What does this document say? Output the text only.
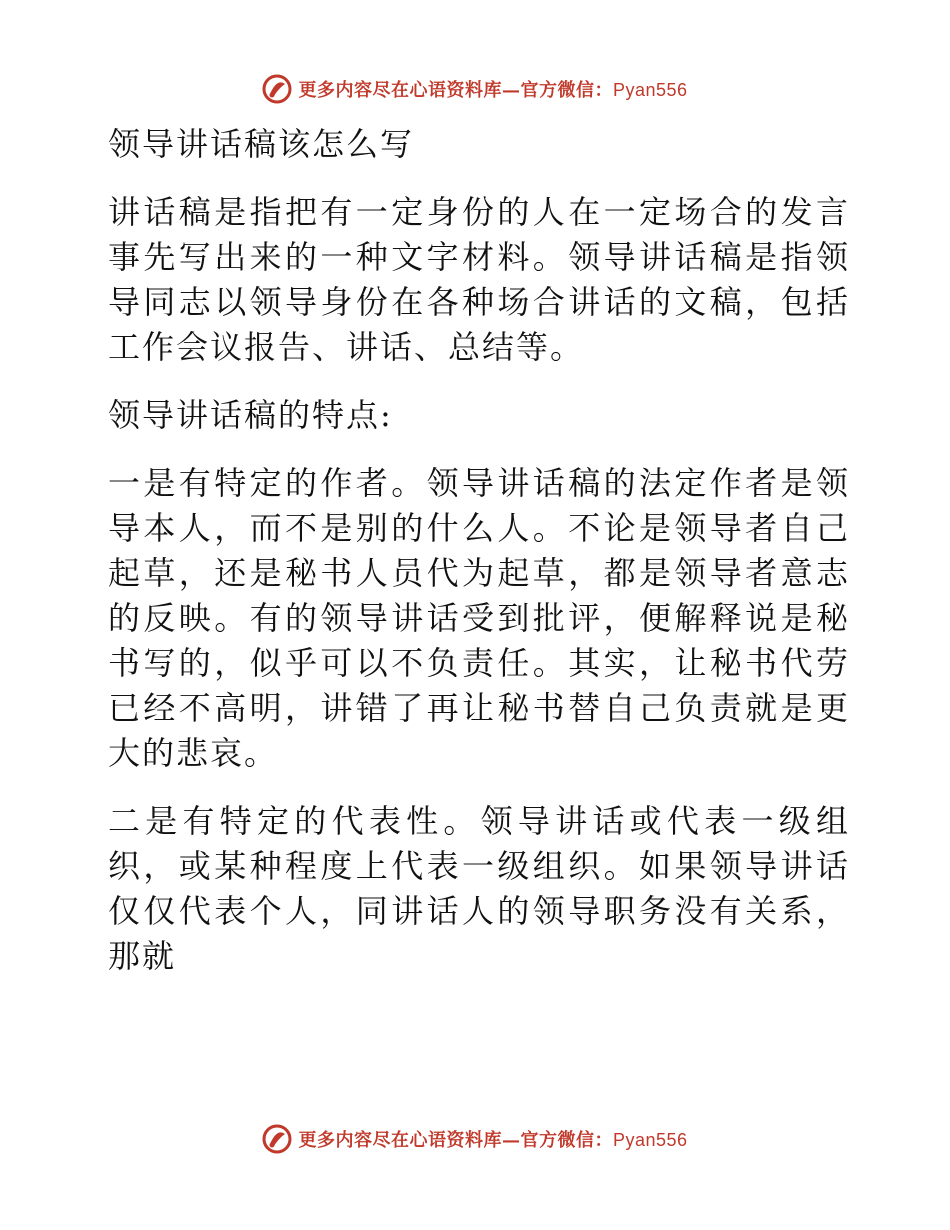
更多内容尽在心语资料库—官方微信：Pyan556

领导讲话稿该怎么写

讲话稿是指把有一定身份的人在一定场合的发言事先写出来的一种文字材料。领导讲话稿是指领导同志以领导身份在各种场合讲话的文稿，包括工作会议报告、讲话、总结等。

领导讲话稿的特点:

一是有特定的作者。领导讲话稿的法定作者是领导本人，而不是别的什么人。不论是领导者自己起草，还是秘书人员代为起草，都是领导者意志的反映。有的领导讲话受到批评，便解释说是秘书写的，似乎可以不负责任。其实，让秘书代劳已经不高明，讲错了再让秘书替自己负责就是更大的悲哀。

二是有特定的代表性。领导讲话或代表一级组织，或某种程度上代表一级组织。如果领导讲话仅仅代表个人，同讲话人的领导职务没有关系，那就

更多内容尽在心语资料库—官方微信：Pyan556
